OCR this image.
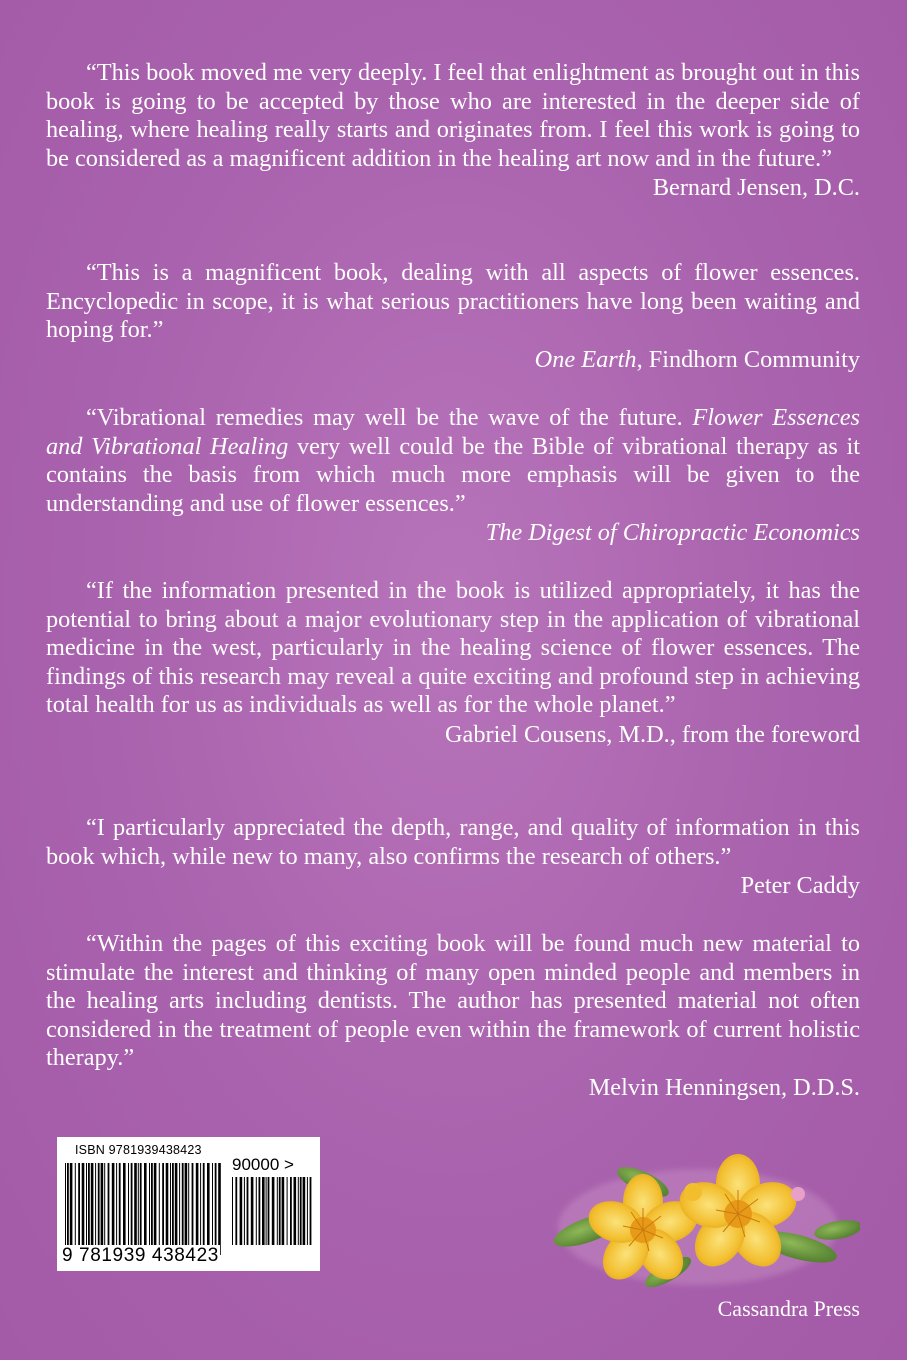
“This book moved me very deeply. I feel that enlightment as brought out in this book is going to be accepted by those who are interested in the deeper side of healing, where healing really starts and originates from. I feel this work is going to be considered as a magnificent addition in the healing art now and in the future.”

Bernard Jensen, D.C.

“This is a magnificent book, dealing with all aspects of flower essences. Encyclopedic in scope, it is what serious practitioners have long been waiting and hoping for.”

One Earth, Findhorn Community

“Vibrational remedies may well be the wave of the future. Flower Essences and Vibrational Healing very well could be the Bible of vibrational therapy as it contains the basis from which much more emphasis will be given to the understanding and use of flower essences.”

The Digest of Chiropractic Economics

“If the information presented in the book is utilized appropriately, it has the potential to bring about a major evolutionary step in the application of vibrational medicine in the west, particularly in the healing science of flower essences. The findings of this research may reveal a quite exciting and profound step in achieving total health for us as individuals as well as for the whole planet.”

Gabriel Cousens, M.D., from the foreword

“I particularly appreciated the depth, range, and quality of information in this book which, while new to many, also confirms the research of others.”

Peter Caddy

“Within the pages of this exciting book will be found much new material to stimulate the interest and thinking of many open minded people and members in the healing arts including dentists. The author has presented material not often considered in the treatment of people even within the framework of current holistic therapy.”

Melvin Henningsen, D.D.S.

ISBN 9781939438423
90000 >
9 781939 438423
Cassandra Press
